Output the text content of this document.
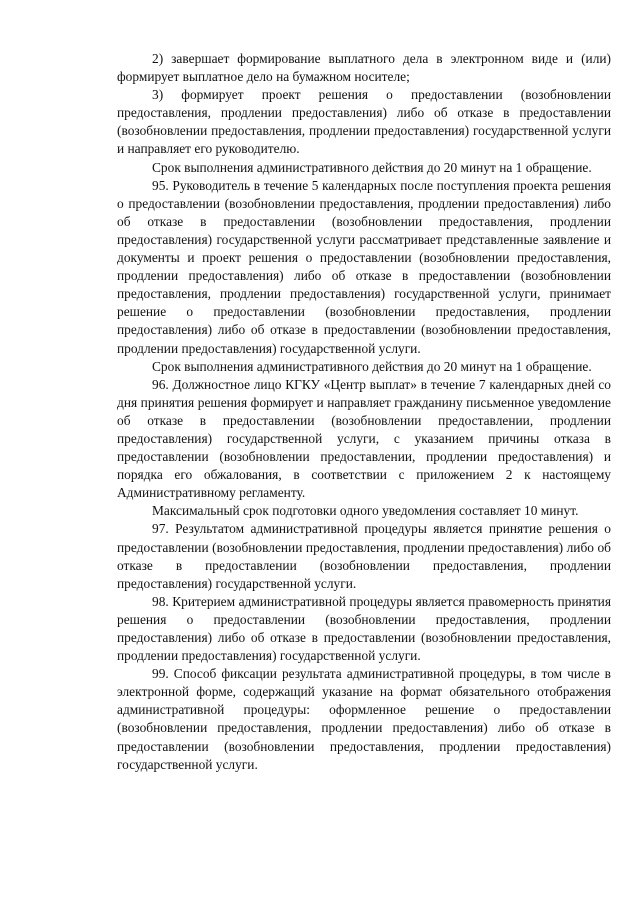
2) завершает формирование выплатного дела в электронном виде и (или) формирует выплатное дело на бумажном носителе;

3) формирует проект решения о предоставлении (возобновлении предоставления, продлении предоставления) либо об отказе в предоставлении (возобновлении предоставления, продлении предоставления) государственной услуги и направляет его руководителю.

Срок выполнения административного действия до 20 минут на 1 обращение.

95. Руководитель в течение 5 календарных после поступления проекта решения о предоставлении (возобновлении предоставления, продлении предоставления) либо об отказе в предоставлении (возобновлении предоставления, продлении предоставления) государственной услуги рассматривает представленные заявление и документы и проект решения о предоставлении (возобновлении предоставления, продлении предоставления) либо об отказе в предоставлении (возобновлении предоставления, продлении предоставления) государственной услуги, принимает решение о предоставлении (возобновлении предоставления, продлении предоставления) либо об отказе в предоставлении (возобновлении предоставления, продлении предоставления) государственной услуги.

Срок выполнения административного действия до 20 минут на 1 обращение.

96. Должностное лицо КГКУ «Центр выплат» в течение 7 календарных дней со дня принятия решения формирует и направляет гражданину письменное уведомление об отказе в предоставлении (возобновлении предоставлении, продлении предоставления) государственной услуги, с указанием причины отказа в предоставлении (возобновлении предоставлении, продлении предоставления) и порядка его обжалования, в соответствии с приложением 2 к настоящему Административному регламенту.

Максимальный срок подготовки одного уведомления составляет 10 минут.

97. Результатом административной процедуры является принятие решения о предоставлении (возобновлении предоставления, продлении предоставления) либо об отказе в предоставлении (возобновлении предоставления, продлении предоставления) государственной услуги.

98. Критерием административной процедуры является правомерность принятия решения о предоставлении (возобновлении предоставления, продлении предоставления) либо об отказе в предоставлении (возобновлении предоставления, продлении предоставления) государственной услуги.

99. Способ фиксации результата административной процедуры, в том числе в электронной форме, содержащий указание на формат обязательного отображения административной процедуры: оформленное решение о предоставлении (возобновлении предоставления, продлении предоставления) либо об отказе в предоставлении (возобновлении предоставления, продлении предоставления) государственной услуги.
